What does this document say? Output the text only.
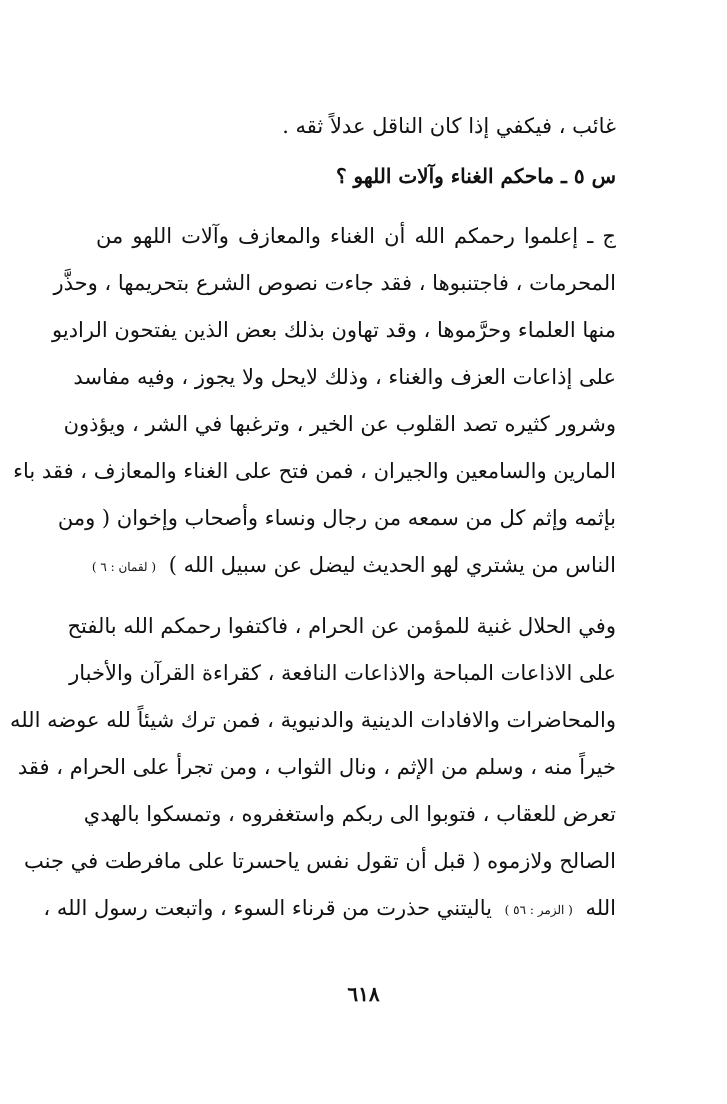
غائب ، فيكفي إذا كان الناقل عدلاً ثقه .
س ٥ ـ ماحكم الغناء وآلات اللهو ؟
ج ـ إعلموا رحمكم الله أن الغناء والمعازف وآلات اللهو من
المحرمات ، فاجتنبوها ، فقد جاءت نصوص الشرع بتحريمها ، وحذَّر
منها العلماء وحرَّموها ، وقد تهاون بذلك بعض الذين يفتحون الراديو
على إذاعات العزف والغناء ، وذلك لايحل ولا يجوز ، وفيه مفاسد
وشرور كثيره تصد القلوب عن الخير ، وترغبها في الشر ، ويؤذون
المارين والسامعين والجيران ، فمن فتح على الغناء والمعازف ، فقد باء
بإثمه وإثم كل من سمعه من رجال ونساء وأصحاب وإخوان ( ومن
الناس من يشتري لهو الحديث ليضل عن سبيل الله ) ( لقمان : ٦ )
وفي الحلال غنية للمؤمن عن الحرام ، فاكتفوا رحمكم الله بالفتح
على الاذاعات المباحة والاذاعات النافعة ، كقراءة القرآن والأخبار
والمحاضرات والافادات الدينية والدنيوية ، فمن ترك شيئاً لله عوضه الله
خيراً منه ، وسلم من الإثم ، ونال الثواب ، ومن تجرأ على الحرام ، فقد
تعرض للعقاب ، فتوبوا الى ربكم واستغفروه ، وتمسكوا بالهدي
الصالح ولازموه ( قبل أن تقول نفس ياحسرتا على مافرطت في جنب
الله ( الزمر : ٥٦ ) ياليتني حذرت من قرناء السوء ، واتبعت رسول الله ،
٦١٨
